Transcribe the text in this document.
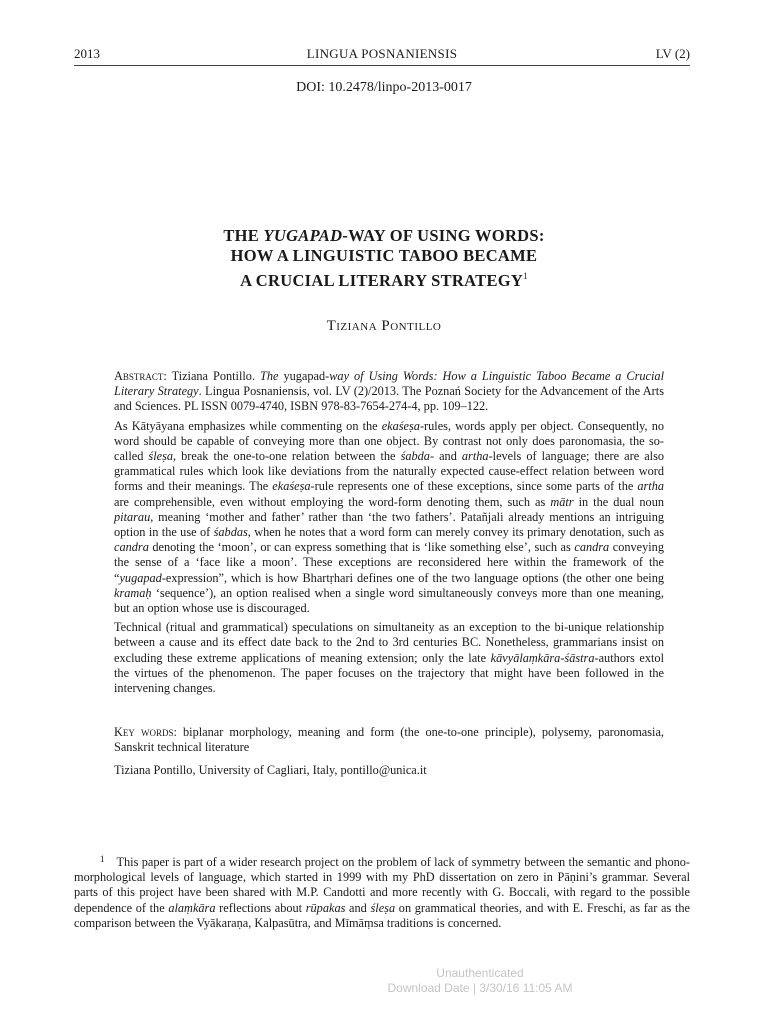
2013	LINGUA POSNANIENSIS	LV (2)
DOI: 10.2478/linpo-2013-0017
THE YUGAPAD-WAY OF USING WORDS:
HOW A LINGUISTIC TABOO BECAME
A CRUCIAL LITERARY STRATEGY$^1$
Tiziana Pontillo

Abstract: Tiziana Pontillo. The yugapad-way of Using Words: How a Linguistic Taboo Became a Crucial Literary Strategy. Lingua Posnaniensis, vol. LV (2)/2013. The Poznań Society for the Advancement of the Arts and Sciences. PL ISSN 0079-4740, ISBN 978-83-7654-274-4, pp. 109–122.

As Kātyāyana emphasizes while commenting on the ekaśeṣa-rules, words apply per object. Consequently, no word should be capable of conveying more than one object. By contrast not only does paronomasia, the so-called śleṣa, break the one-to-one relation between the śabda- and artha-levels of language; there are also grammatical rules which look like deviations from the naturally expected cause-effect relation between word forms and their meanings. The ekaśeṣa-rule represents one of these exceptions, since some parts of the artha are comprehensible, even without employing the word-form denoting them, such as mātr in the dual noun pitarau, meaning ‘mother and father’ rather than ‘the two fathers’. Patañjali already mentions an intriguing option in the use of śabdas, when he notes that a word form can merely convey its primary denotation, such as candra denoting the ‘moon’, or can express something that is ‘like something else’, such as candra conveying the sense of a ‘face like a moon’. These exceptions are reconsidered here within the framework of the “yugapad-expression”, which is how Bhartṛhari defines one of the two language options (the other one being kramaḥ ‘sequence’), an option realised when a single word simultaneously conveys more than one meaning, but an option whose use is discouraged.

Technical (ritual and grammatical) speculations on simultaneity as an exception to the bi-unique relationship between a cause and its effect date back to the 2nd to 3rd centuries BC. Nonetheless, grammarians insist on excluding these extreme applications of meaning extension; only the late kāvyālaṃkāra-śāstra-authors extol the virtues of the phenomenon. The paper focuses on the trajectory that might have been followed in the intervening changes.

Key words: biplanar morphology, meaning and form (the one-to-one principle), polysemy, paronomasia, Sanskrit technical literature
Tiziana Pontillo, University of Cagliari, Italy, pontillo@unica.it
$^1$ This paper is part of a wider research project on the problem of lack of symmetry between the semantic and phono-morphological levels of language, which started in 1999 with my PhD dissertation on zero in Pāṇini’s grammar. Several parts of this project have been shared with M.P. Candotti and more recently with G. Boccali, with regard to the possible dependence of the alaṃkāra reflections about rūpakas and śleṣa on grammatical theories, and with E. Freschi, as far as the comparison between the Vyākaraṇa, Kalpasūtra, and Mīmāṃsa traditions is concerned.
Unauthenticated
Download Date | 3/30/16 11:05 AM
